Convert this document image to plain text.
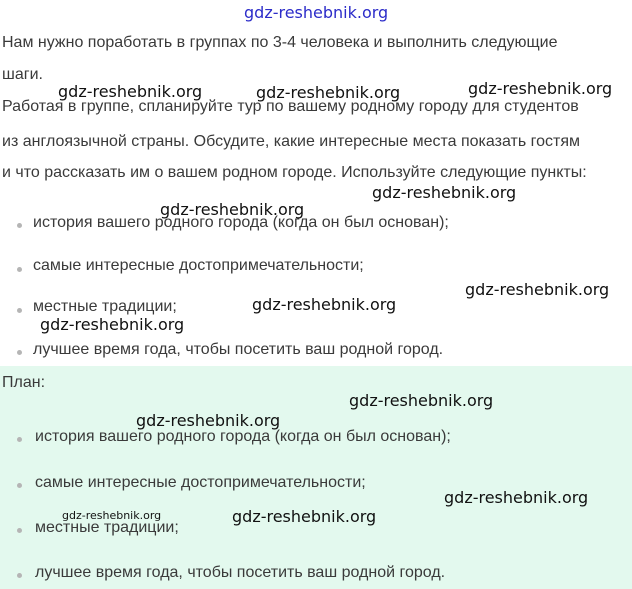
gdz-reshebnik.org
Нам нужно поработать в группах по 3-4 человека и выполнить следующие
шаги.
Работая в группе, спланируйте тур по вашему родному городу для студентов
из англоязычной страны. Обсудите, какие интересные места показать гостям
и что рассказать им о вашем родном городе. Используйте следующие пункты:
история вашего родного города (когда он был основан);
самые интересные достопримечательности;
местные традиции;
лучшее время года, чтобы посетить ваш родной город.
План:
история вашего родного города (когда он был основан);
самые интересные достопримечательности;
местные традиции;
лучшее время года, чтобы посетить ваш родной город.
gdz-reshebnik.org	gdz-reshebnik.org	gdz-reshebnik.org
gdz-reshebnik.org
gdz-reshebnik.org
gdz-reshebnik.org
gdz-reshebnik.org
gdz-reshebnik.org
gdz-reshebnik.org
gdz-reshebnik.org
gdz-reshebnik.org
gdz-reshebnik.org	gdz-reshebnik.org
